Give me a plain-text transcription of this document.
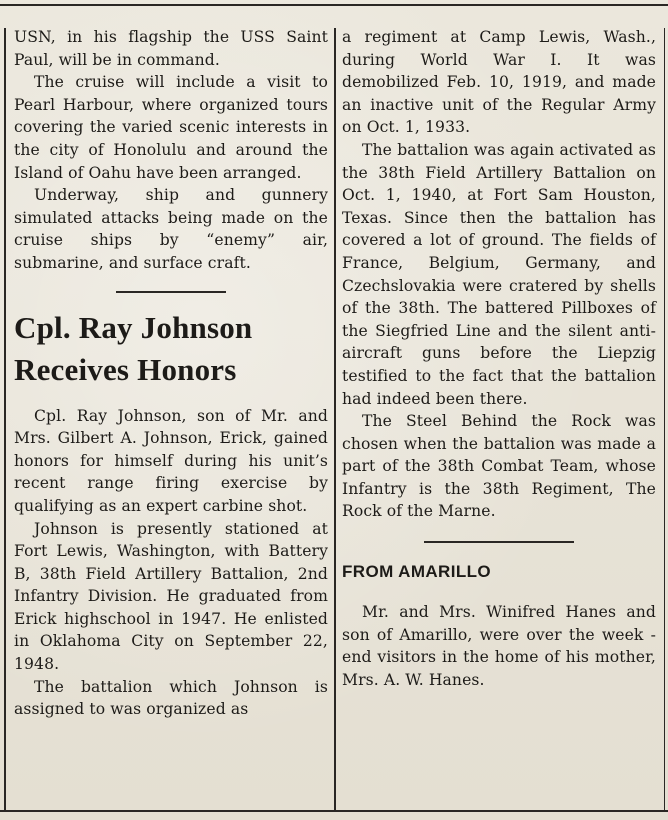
USN, in his flagship the USS Saint Paul, will be in command.

The cruise will include a visit to Pearl Harbour, where organized tours covering the varied scenic interests in the city of Honolulu and around the Island of Oahu have been arranged.

Underway, ship and gunnery simulated attacks being made on the cruise ships by “enemy” air, submarine, and surface craft.

Cpl. Ray Johnson
Receives Honors

Cpl. Ray Johnson, son of Mr. and Mrs. Gilbert A. Johnson, Erick, gained honors for himself during his unit’s recent range firing exercise by qualifying as an expert carbine shot.

Johnson is presently stationed at Fort Lewis, Washington, with Battery B, 38th Field Artillery Battalion, 2nd Infantry Division. He graduated from Erick highschool in 1947. He enlisted in Oklahoma City on September 22, 1948.

The battalion which Johnson is assigned to was organized as

a regiment at Camp Lewis, Wash., during World War I. It was demobilized Feb. 10, 1919, and made an inactive unit of the Regular Army on Oct. 1, 1933.

The battalion was again activated as the 38th Field Artillery Battalion on Oct. 1, 1940, at Fort Sam Houston, Texas. Since then the battalion has covered a lot of ground. The fields of France, Belgium, Germany, and Czechslovakia were cratered by shells of the 38th. The battered Pillboxes of the Siegfried Line and the silent anti-aircraft guns before the Liepzig testified to the fact that the battalion had indeed been there.

The Steel Behind the Rock was chosen when the battalion was made a part of the 38th Combat Team, whose Infantry is the 38th Regiment, The Rock of the Marne.

FROM AMARILLO

Mr. and Mrs. Winifred Hanes and son of Amarillo, were over the week - end visitors in the home of his mother, Mrs. A. W. Hanes.
